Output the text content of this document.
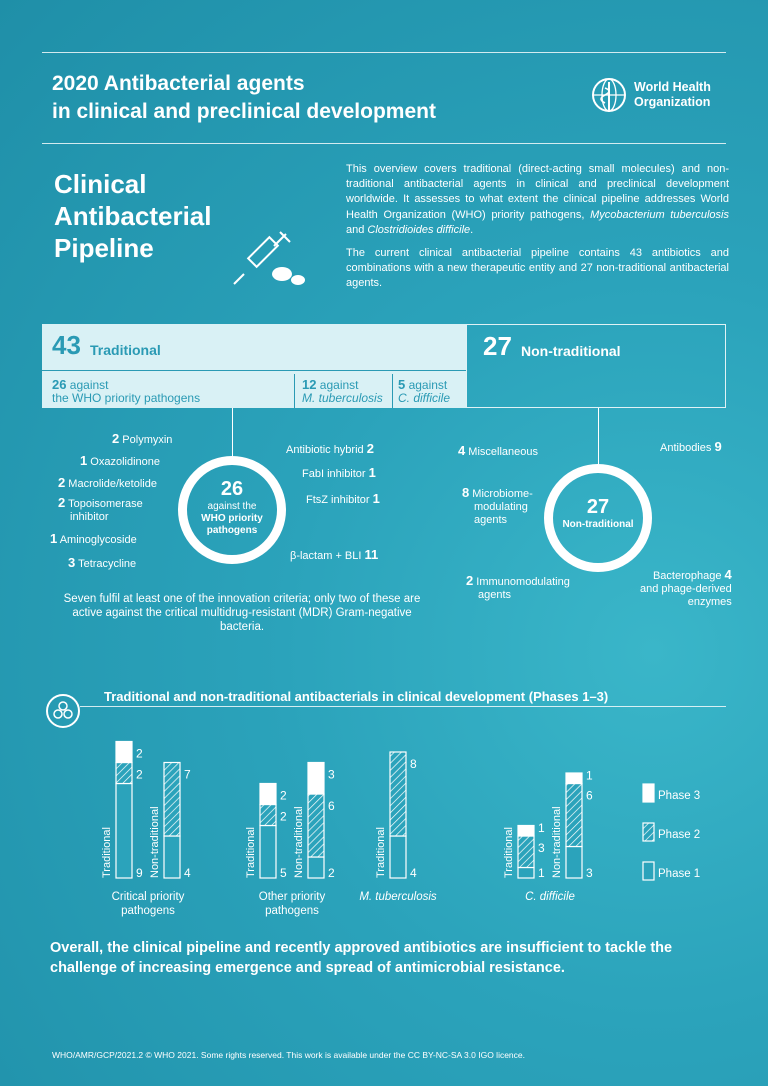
2020 Antibacterial agents
in clinical and preclinical development
World Health
Organization
Clinical
Antibacterial
Pipeline

This overview covers traditional (direct-acting small molecules) and non-traditional antibacterial agents in clinical and preclinical development worldwide. It assesses to what extent the clinical pipeline addresses World Health Organization (WHO) priority pathogens, Mycobacterium tuberculosis and Clostridioides difficile.

The current clinical antibacterial pipeline contains 43 antibiotics and combinations with a new therapeutic entity and 27 non-traditional antibacterial agents.

43 Traditional
26 against
the WHO priority pathogens
12 against
M. tuberculosis
5 against
C. difficile
27 Non-traditional
26
against the
WHO priority
pathogens
2 Polymyxin
1 Oxazolidinone
2 Macrolide/ketolide
2 Topoisomerase
inhibitor
1 Aminoglycoside
3 Tetracycline
Antibiotic hybrid 2
FabI inhibitor 1
FtsZ inhibitor 1
β-lactam + BLI 11
Seven fulfil at least one of the innovation criteria; only two of these are active against the critical multidrug-resistant (MDR) Gram-negative bacteria.
27
Non-traditional
4 Miscellaneous
8 Microbiome-
modulating
agents
2 Immunomodulating
agents
Antibodies 9
Bacterophage 4
and phage-derived
enzymes
Traditional and non-traditional antibacterials in clinical development (Phases 1–3)
9
2
2
Traditional	4
7
Non-traditional
Critical priority
pathogens
5
2
2
Traditional	2
6
3
Non-traditional
Other priority
pathogens
4
8
Traditional
M. tuberculosis
1
3
1
Traditional	3
6
1
Non-traditional
C. difficile
Phase 3
Phase 2
Phase 1
Overall, the clinical pipeline and recently approved antibiotics are insufficient to tackle the challenge of increasing emergence and spread of antimicrobial resistance.
WHO/AMR/GCP/2021.2 © WHO 2021. Some rights reserved. This work is available under the CC BY-NC-SA 3.0 IGO licence.
